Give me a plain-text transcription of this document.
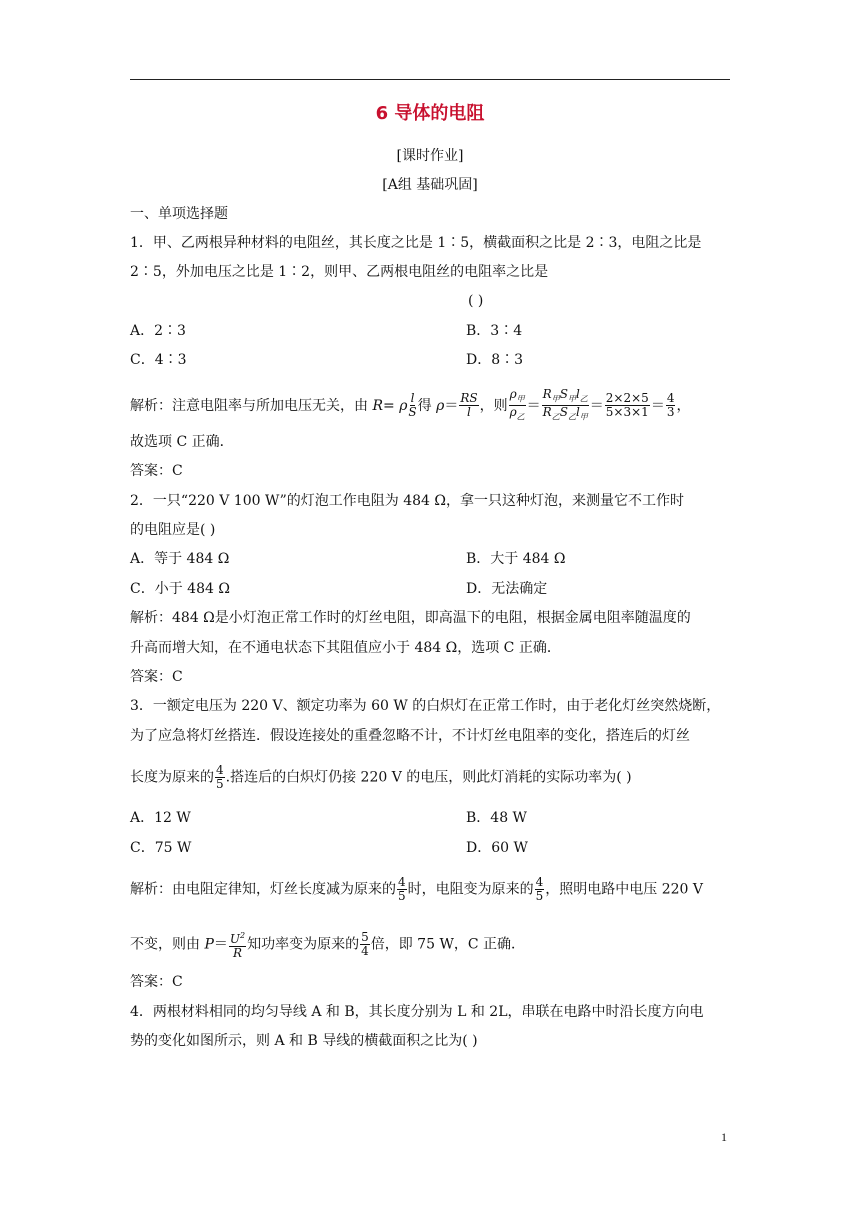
6 导体的电阻
[课时作业]
[A组 基础巩固]
一、单项选择题
1．甲、乙两根异种材料的电阻丝，其长度之比是 1∶5，横截面积之比是 2∶3，电阻之比是
2∶5，外加电压之比是 1∶2，则甲、乙两根电阻丝的电阻率之比是
( )
A．2∶3	B．3∶4
C．4∶3	D．8∶3
解析：注意电阻率与所加电压无关，由 R= ρ $\frac{l}{S}$ 得 $\rho= \frac{RS}{l}$ ，则 $\frac{\rho_甲}{\rho_乙} = \frac{R_甲S_甲l_乙}{R_乙S_乙l_甲} = \frac{2\times 2\times 5}{5\times 3\times 1} = \frac{4}{3}$ ，
故选项 C 正确．
答案：C
2．一只“220 V 100 W”的灯泡工作电阻为 484 Ω，拿一只这种灯泡，来测量它不工作时
的电阻应是( )
A．等于 484 Ω	B．大于 484 Ω
C．小于 484 Ω	D．无法确定
解析：484 Ω是小灯泡正常工作时的灯丝电阻，即高温下的电阻，根据金属电阻率随温度的
升高而增大知，在不通电状态下其阻值应小于 484 Ω，选项 C 正确．
答案：C
3．一额定电压为 220 V、额定功率为 60 W 的白炽灯在正常工作时，由于老化灯丝突然烧断，
为了应急将灯丝搭连．假设连接处的重叠忽略不计，不计灯丝电阻率的变化，搭连后的灯丝
长度为原来的 $\frac{4}{5}$ .搭连后的白炽灯仍接 220 V 的电压，则此灯消耗的实际功率为( )
A．12 W	B．48 W
C．75 W	D．60 W
解析：由电阻定律知，灯丝长度减为原来的 $\frac{4}{5}$ 时，电阻变为原来的 $\frac{4}{5}$ ，照明电路中电压 220 V
不变，则由 $P= \frac{U^2}{R}$ 知功率变为原来的 $\frac{5}{4}$ 倍，即 75 W，C 正确．
答案：C
4．两根材料相同的均匀导线 A 和 B，其长度分别为 L 和 2L，串联在电路中时沿长度方向电
势的变化如图所示，则 A 和 B 导线的横截面积之比为( )
1
